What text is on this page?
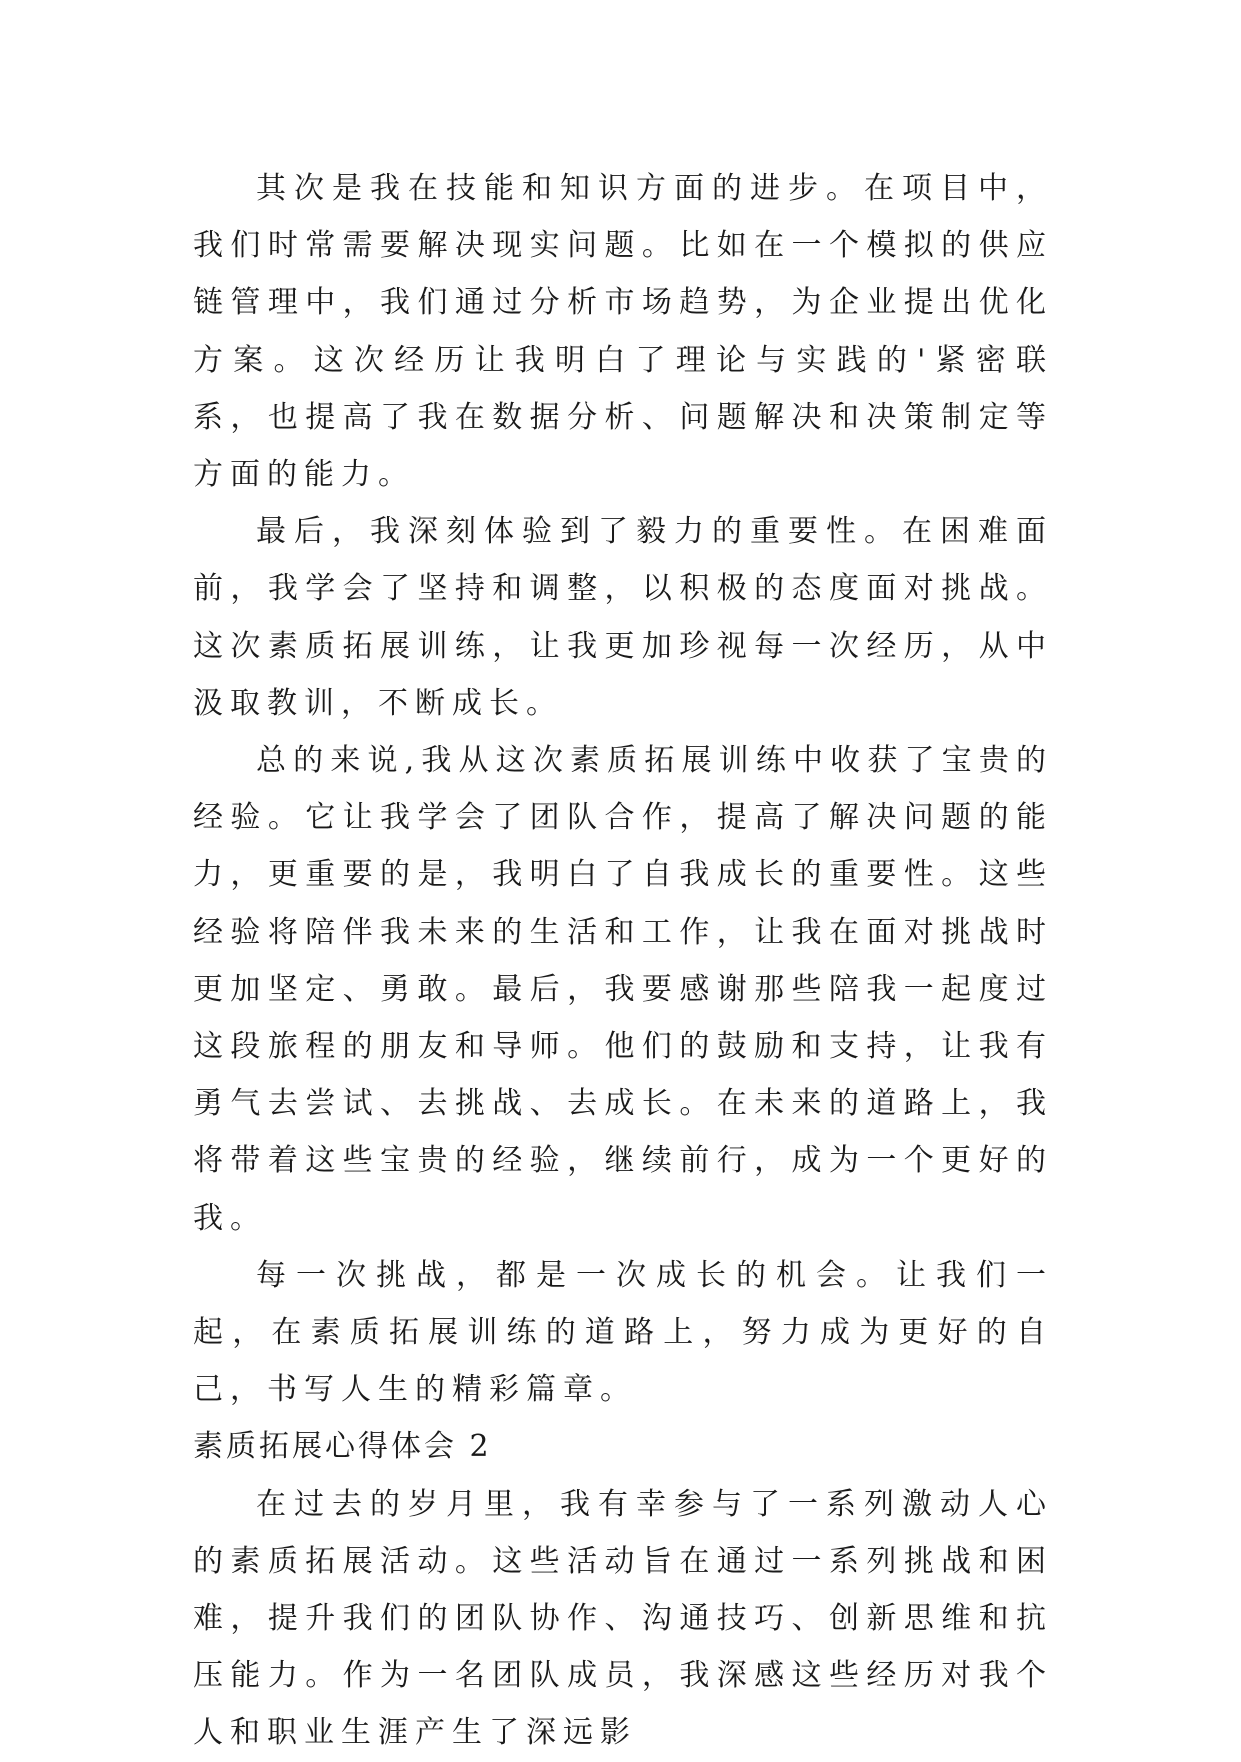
其次是我在技能和知识方面的进步。在项目中，我们时常需要解决现实问题。比如在一个模拟的供应链管理中，我们通过分析市场趋势，为企业提出优化方案。这次经历让我明白了理论与实践的'紧密联系，也提高了我在数据分析、问题解决和决策制定等方面的能力。

最后，我深刻体验到了毅力的重要性。在困难面前，我学会了坚持和调整，以积极的态度面对挑战。这次素质拓展训练，让我更加珍视每一次经历，从中汲取教训，不断成长。

总的来说,我从这次素质拓展训练中收获了宝贵的经验。它让我学会了团队合作，提高了解决问题的能力，更重要的是，我明白了自我成长的重要性。这些经验将陪伴我未来的生活和工作，让我在面对挑战时更加坚定、勇敢。最后，我要感谢那些陪我一起度过这段旅程的朋友和导师。他们的鼓励和支持，让我有勇气去尝试、去挑战、去成长。在未来的道路上，我将带着这些宝贵的经验，继续前行，成为一个更好的我。

每一次挑战，都是一次成长的机会。让我们一起，在素质拓展训练的道路上，努力成为更好的自己，书写人生的精彩篇章。

素质拓展心得体会 2

在过去的岁月里，我有幸参与了一系列激动人心的素质拓展活动。这些活动旨在通过一系列挑战和困难，提升我们的团队协作、沟通技巧、创新思维和抗压能力。作为一名团队成员，我深感这些经历对我个人和职业生涯产生了深远影
